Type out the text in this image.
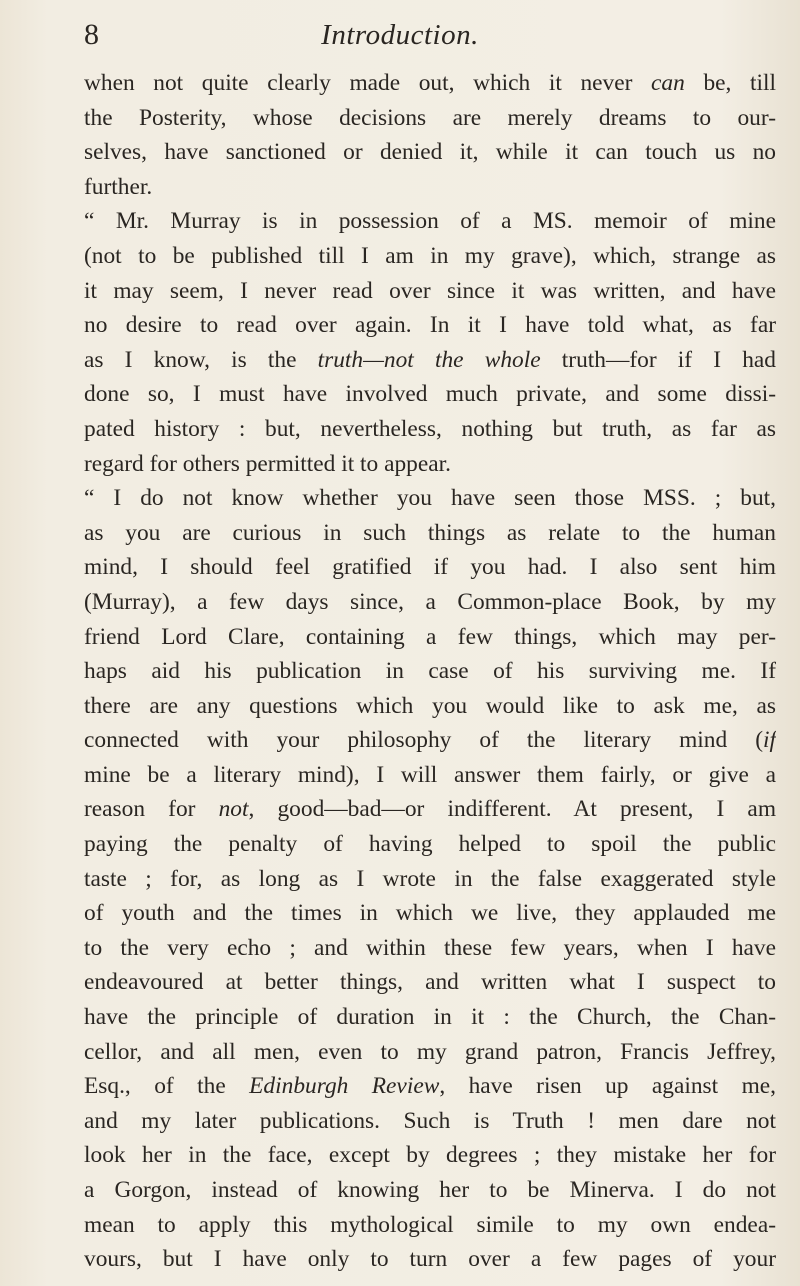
8	Introduction.
when not quite clearly made out, which it never can be, till
the Posterity, whose decisions are merely dreams to our-
selves, have sanctioned or denied it, while it can touch us no
further.
“ Mr. Murray is in possession of a MS. memoir of mine
(not to be published till I am in my grave), which, strange as
it may seem, I never read over since it was written, and have
no desire to read over again. In it I have told what, as far
as I know, is the truth—not the whole truth—for if I had
done so, I must have involved much private, and some dissi-
pated history : but, nevertheless, nothing but truth, as far as
regard for others permitted it to appear.
“ I do not know whether you have seen those MSS. ; but,
as you are curious in such things as relate to the human
mind, I should feel gratified if you had. I also sent him
(Murray), a few days since, a Common-place Book, by my
friend Lord Clare, containing a few things, which may per-
haps aid his publication in case of his surviving me. If
there are any questions which you would like to ask me, as
connected with your philosophy of the literary mind (if
mine be a literary mind), I will answer them fairly, or give a
reason for not, good—bad—or indifferent. At present, I am
paying the penalty of having helped to spoil the public
taste ; for, as long as I wrote in the false exaggerated style
of youth and the times in which we live, they applauded me
to the very echo ; and within these few years, when I have
endeavoured at better things, and written what I suspect to
have the principle of duration in it : the Church, the Chan-
cellor, and all men, even to my grand patron, Francis Jeffrey,
Esq., of the Edinburgh Review, have risen up against me,
and my later publications. Such is Truth ! men dare not
look her in the face, except by degrees ; they mistake her for
a Gorgon, instead of knowing her to be Minerva. I do not
mean to apply this mythological simile to my own endea-
vours, but I have only to turn over a few pages of your
